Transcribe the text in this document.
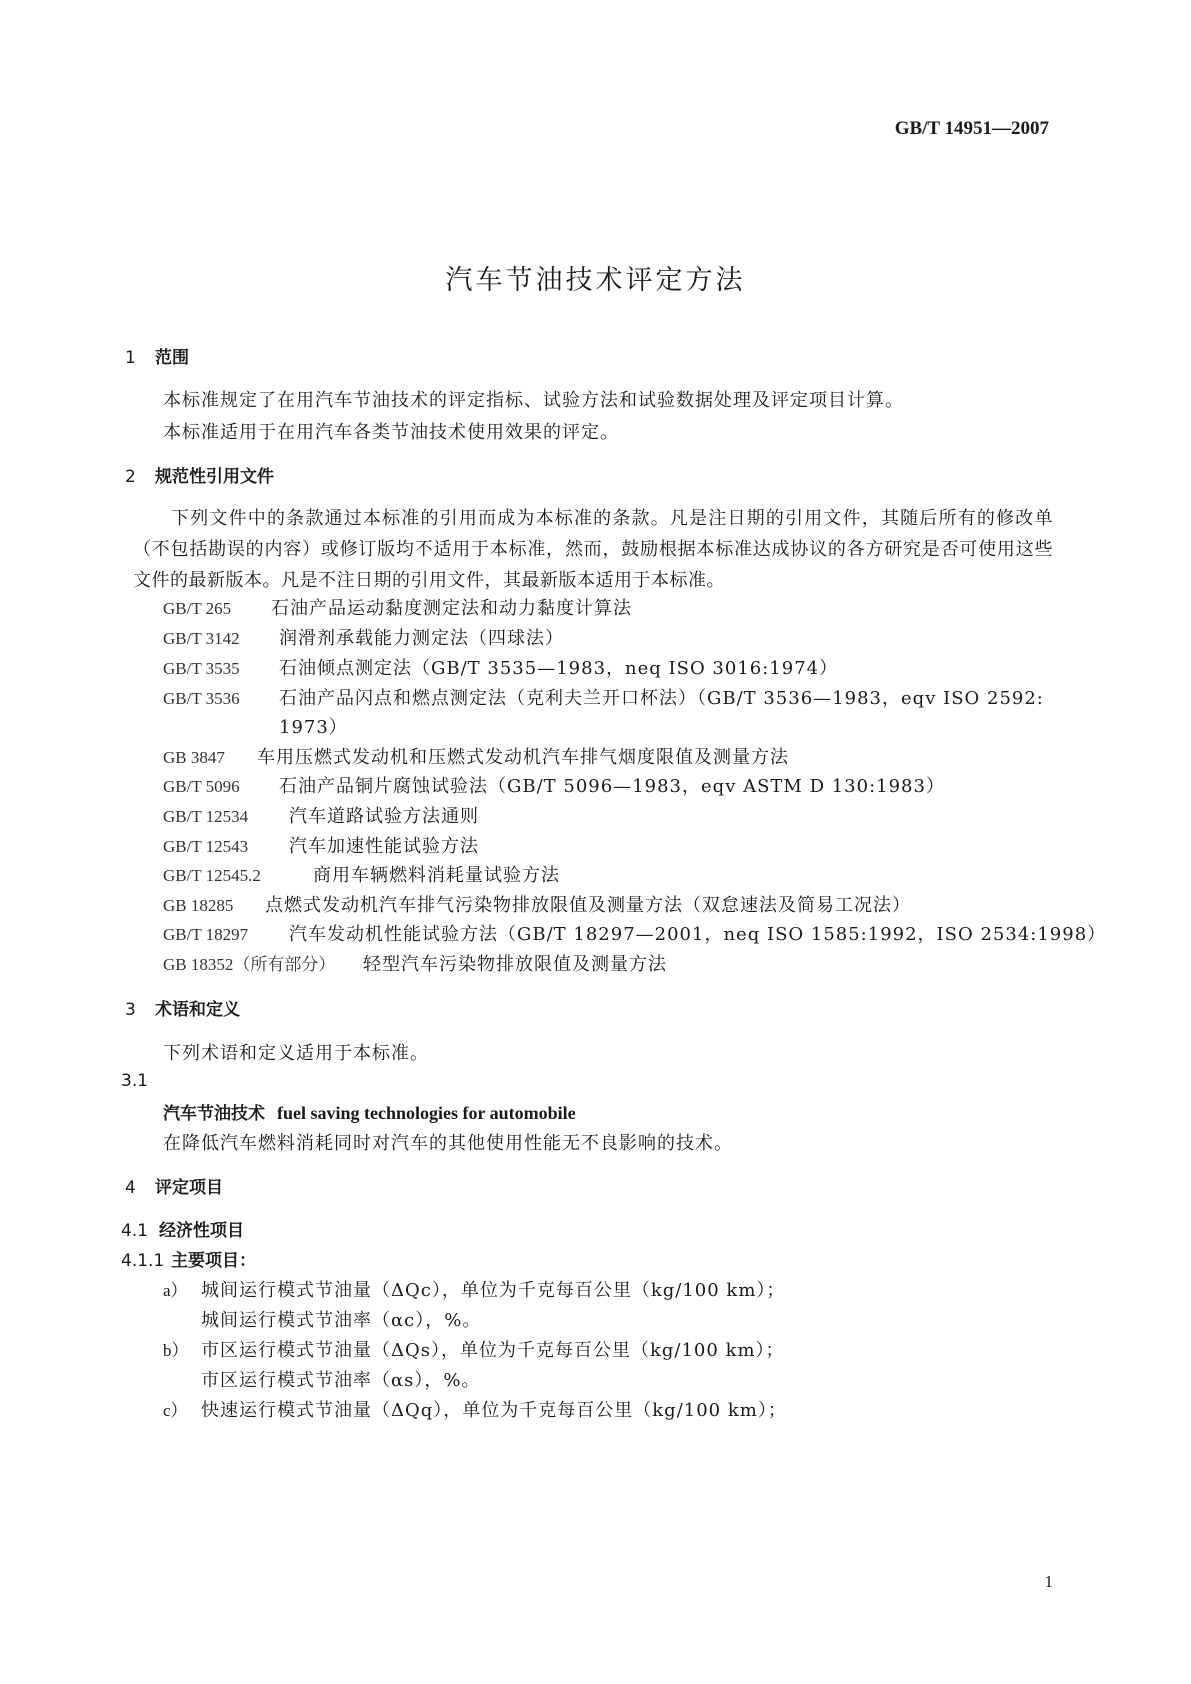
GB/T 14951—2007
汽车节油技术评定方法
1 范围
本标准规定了在用汽车节油技术的评定指标、试验方法和试验数据处理及评定项目计算。
本标准适用于在用汽车各类节油技术使用效果的评定。
2 规范性引用文件
下列文件中的条款通过本标准的引用而成为本标准的条款。凡是注日期的引用文件，其随后所有的修改单（不包括勘误的内容）或修订版均不适用于本标准，然而，鼓励根据本标准达成协议的各方研究是否可使用这些文件的最新版本。凡是不注日期的引用文件，其最新版本适用于本标准。
GB/T 265 石油产品运动黏度测定法和动力黏度计算法
GB/T 3142 润滑剂承载能力测定法（四球法）
GB/T 3535 石油倾点测定法（GB/T 3535—1983，neq ISO 3016:1974）
GB/T 3536 石油产品闪点和燃点测定法（克利夫兰开口杯法）（GB/T 3536—1983，eqv ISO 2592:
1973）
GB 3847 车用压燃式发动机和压燃式发动机汽车排气烟度限值及测量方法
GB/T 5096 石油产品铜片腐蚀试验法（GB/T 5096—1983，eqv ASTM D 130:1983）
GB/T 12534 汽车道路试验方法通则
GB/T 12543 汽车加速性能试验方法
GB/T 12545.2	商用车辆燃料消耗量试验方法
GB 18285 点燃式发动机汽车排气污染物排放限值及测量方法（双怠速法及简易工况法）
GB/T 18297 汽车发动机性能试验方法（GB/T 18297—2001，neq ISO 1585:1992，ISO 2534:1998）
GB 18352（所有部分） 轻型汽车污染物排放限值及测量方法
3 术语和定义
下列术语和定义适用于本标准。
3.1
汽车节油技术 fuel saving technologies for automobile
在降低汽车燃料消耗同时对汽车的其他使用性能无不良影响的技术。
4 评定项目
4.1 经济性项目
4.1.1 主要项目：
a） 城间运行模式节油量（ΔQc），单位为千克每百公里（kg/100 km）；
城间运行模式节油率（αc），%。
b） 市区运行模式节油量（ΔQs），单位为千克每百公里（kg/100 km）；
市区运行模式节油率（αs），%。
c） 快速运行模式节油量（ΔQq），单位为千克每百公里（kg/100 km）；
1
